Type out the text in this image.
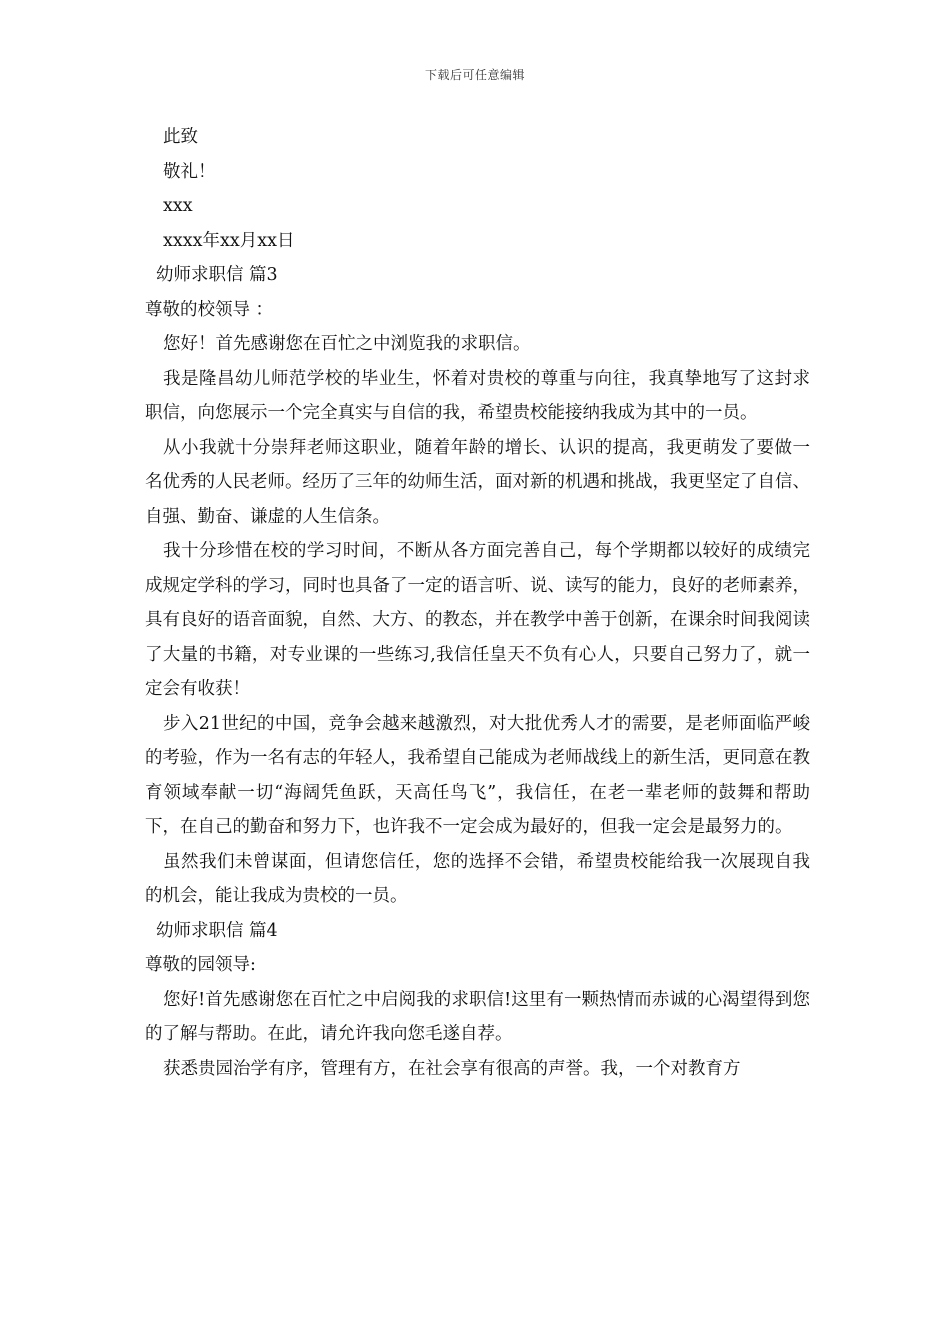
下载后可任意编辑

此致

敬礼！

xxx

xxxx年xx月xx日

幼师求职信 篇3

尊敬的校领导 ：

您好！首先感谢您在百忙之中浏览我的求职信。

我是隆昌幼儿师范学校的毕业生，怀着对贵校的尊重与向往，我真挚地写了这封求职信，向您展示一个完全真实与自信的我，希望贵校能接纳我成为其中的一员。

从小我就十分崇拜老师这职业，随着年龄的增长、认识的提高，我更萌发了要做一名优秀的人民老师。经历了三年的幼师生活，面对新的机遇和挑战，我更坚定了自信、自强、勤奋、谦虚的人生信条。

我十分珍惜在校的学习时间，不断从各方面完善自己，每个学期都以较好的成绩完成规定学科的学习，同时也具备了一定的语言听、说、读写的能力，良好的老师素养，具有良好的语音面貌，自然、大方、的教态，并在教学中善于创新，在课余时间我阅读了大量的书籍，对专业课的一些练习,我信任皇天不负有心人，只要自己努力了，就一定会有收获！

步入21世纪的中国，竞争会越来越激烈，对大批优秀人才的需要，是老师面临严峻的考验，作为一名有志的年轻人，我希望自己能成为老师战线上的新生活，更同意在教育领域奉献一切“海阔凭鱼跃，天高任鸟飞”，我信任，在老一辈老师的鼓舞和帮助下，在自己的勤奋和努力下，也许我不一定会成为最好的，但我一定会是最努力的。

虽然我们未曾谋面，但请您信任，您的选择不会错，希望贵校能给我一次展现自我的机会，能让我成为贵校的一员。

幼师求职信 篇4

尊敬的园领导:

您好!首先感谢您在百忙之中启阅我的求职信!这里有一颗热情而赤诚的心渴望得到您的了解与帮助。在此，请允许我向您毛遂自荐。

获悉贵园治学有序，管理有方，在社会享有很高的声誉。我，一个对教育方
